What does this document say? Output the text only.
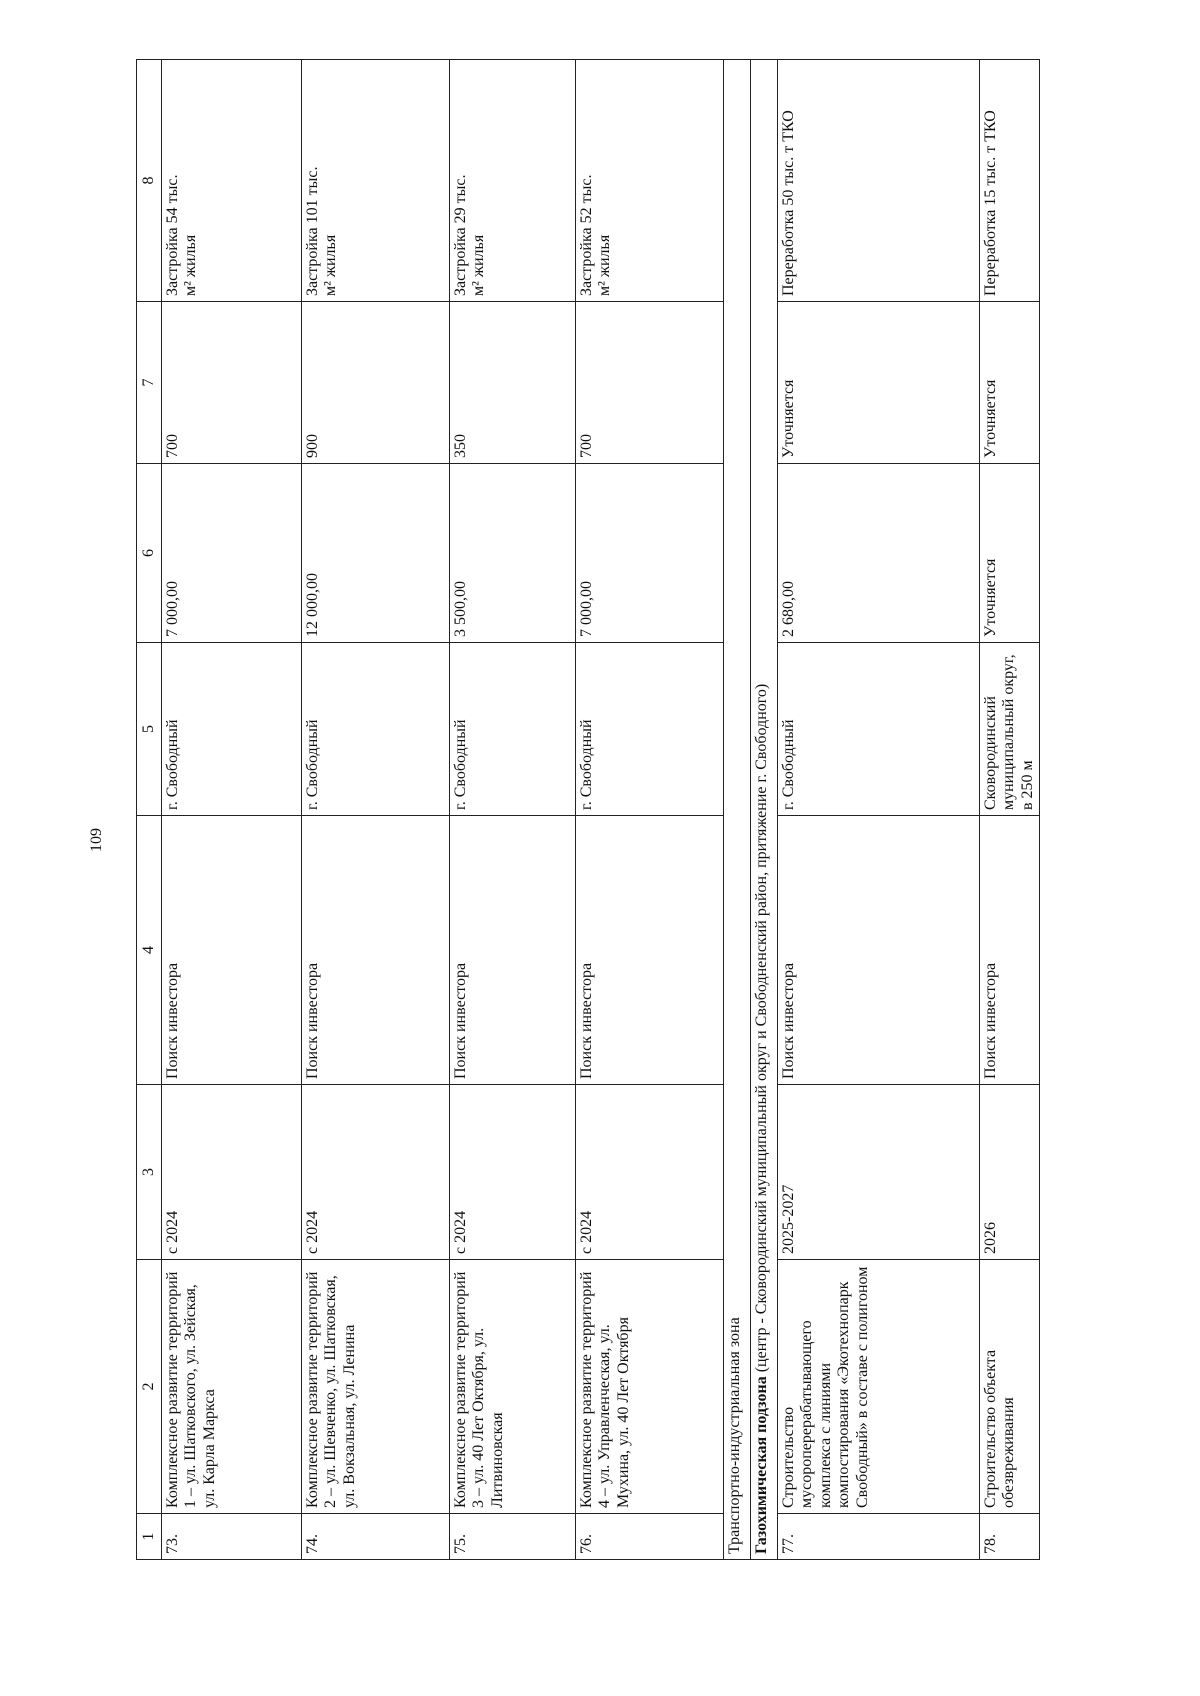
109
1	2	3	4	5	6	7	8
73.	Комплексное развитие территорий 1 – ул. Шатковского, ул. Зейская, ул. Карла Маркса	с 2024	Поиск инвестора	г. Свободный	7 000,00	700	Застройка 54 тыс.
м² жилья
74.	Комплексное развитие территорий 2 – ул. Шевченко, ул. Шатковская, ул. Вокзальная, ул. Ленина	с 2024	Поиск инвестора	г. Свободный	12 000,00	900	Застройка 101 тыс.
м² жилья
75.	Комплексное развитие территорий 3 – ул. 40 Лет Октября, ул. Литвиновская	с 2024	Поиск инвестора	г. Свободный	3 500,00	350	Застройка 29 тыс.
м² жилья
76.	Комплексное развитие территорий 4 – ул. Управленческая, ул. Мухина, ул. 40 Лет Октября	с 2024	Поиск инвестора	г. Свободный	7 000,00	700	Застройка 52 тыс.
м² жилья
Транспортно-индустриальная зона							
Газохимическая подзона (центр - Сковородинский муниципальный округ и Свободненский район, притяжение г. Свободного)							
77.	Строительство мусороперерабатывающего комплекса с линиями компостирования «Экотехнопарк Свободный» в составе с полигоном	2025-2027	Поиск инвестора	г. Свободный	2 680,00	Уточняется	Переработка 50 тыс. т ТКО
78.	Строительство объекта обезвреживания	2026	Поиск инвестора	Сковородинский муниципальный округ, в 250 м	Уточняется	Уточняется	Переработка 15 тыс. т ТКО
